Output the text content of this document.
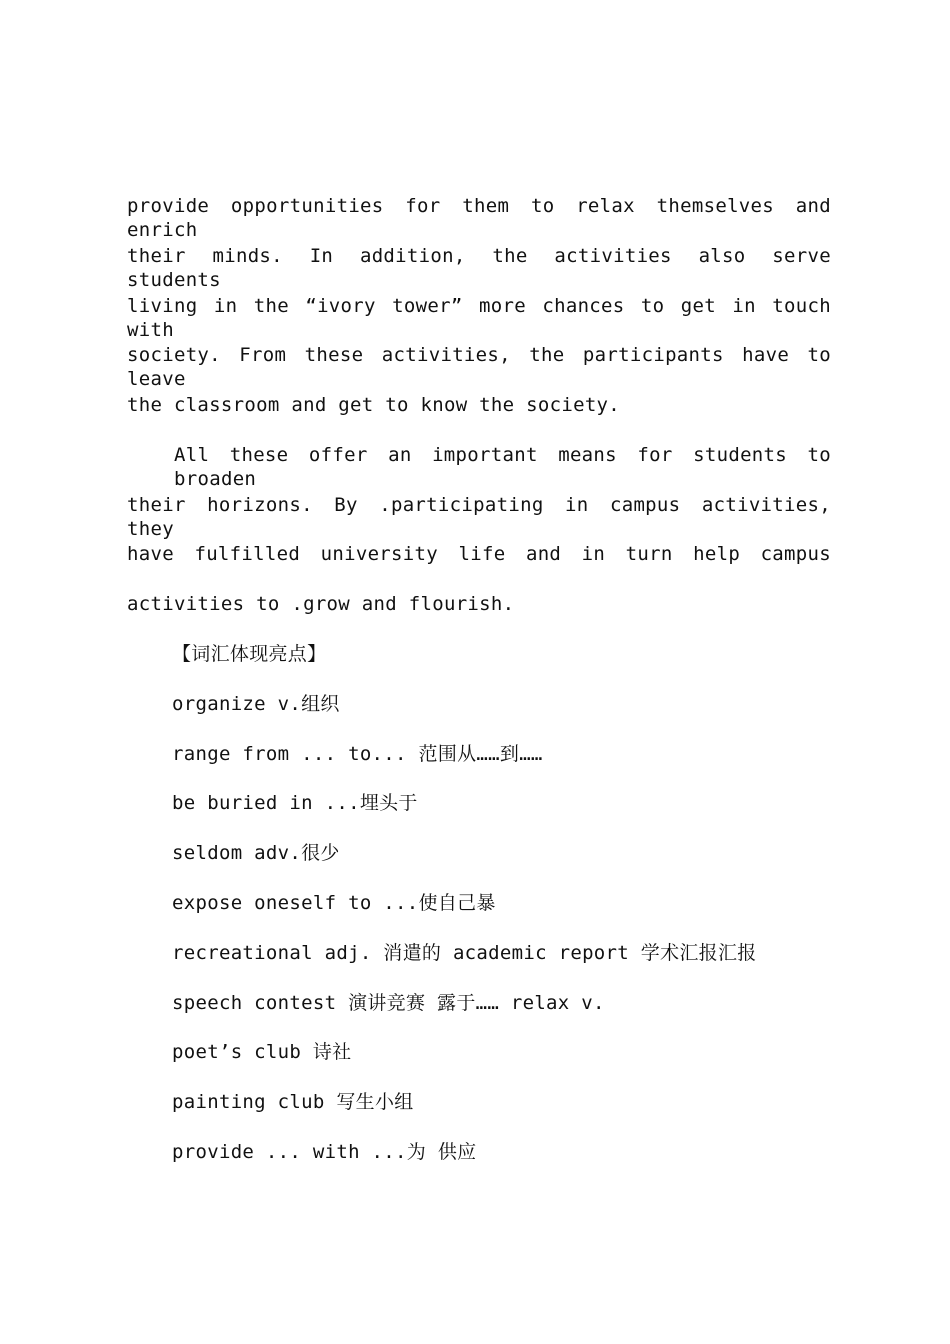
provide opportunities for them to relax themselves and enrich
their minds. In addition, the activities also serve students
living in the “ivory tower” more chances to get in touch with
society. From these activities, the participants have to leave
the classroom and get to know the society.
All these offer an important means for students to broaden
their horizons. By .participating in campus activities, they
have fulfilled university life and in turn help campus
activities to .grow and flourish.
【词汇体现亮点】
organize v.组织
range from ... to... 范围从……到……
be buried in ...埋头于
seldom adv.很少
expose oneself to ...使自己暴
recreational adj. 消遣的 academic report 学术汇报汇报
speech contest 演讲竞赛 露于…… relax v.
poet’s club 诗社
painting club 写生小组
provide ... with ...为 供应
